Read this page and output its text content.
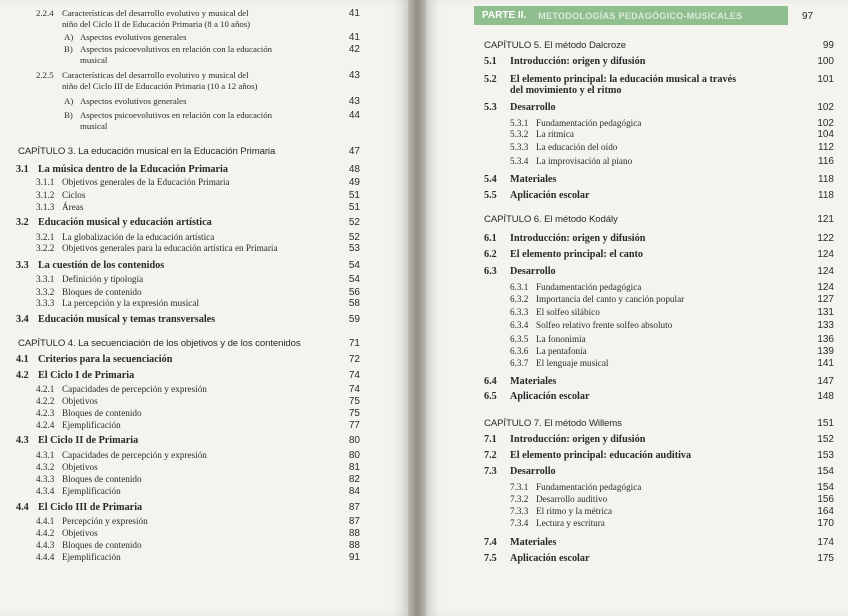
2.2.4 Características del desarrollo evolutivo y musical del
niño del Ciclo II de Educación Primaria (8 a 10 años)
41
A) Aspectos evolutivos generales	41
B) Aspectos psicoevolutivos en relación con la educación
musical
42
2.2.5 Características del desarrollo evolutivo y musical del
niño del Ciclo III de Educación Primaria (10 a 12 años)
43
A) Aspectos evolutivos generales	43
B) Aspectos psicoevolutivos en relación con la educación
musical
44
CAPÍTULO 3. La educación musical en la Educación Primaria	47
3.1 La música dentro de la Educación Primaria	48
3.1.1 Objetivos generales de la Educación Primaria	49
3.1.2 Ciclos	51
3.1.3 Áreas	51
3.2 Educación musical y educación artística	52
3.2.1 La globalización de la educación artística	52
3.2.2 Objetivos generales para la educación artística en Primaria	53
3.3 La cuestión de los contenidos	54
3.3.1 Definición y tipología	54
3.3.2 Bloques de contenido	56
3.3.3 La percepción y la expresión musical	58
3.4 Educación musical y temas transversales	59
CAPÍTULO 4. La secuenciación de los objetivos y de los contenidos	71
4.1 Criterios para la secuenciación	72
4.2 El Ciclo I de Primaria	74
4.2.1 Capacidades de percepción y expresión	74
4.2.2 Objetivos	75
4.2.3 Bloques de contenido	75
4.2.4 Ejemplificación	77
4.3 El Ciclo II de Primaria	80
4.3.1 Capacidades de percepción y expresión	80
4.3.2 Objetivos	81
4.3.3 Bloques de contenido	82
4.3.4 Ejemplificación	84
4.4 El Ciclo III de Primaria	87
4.4.1 Percepción y expresión	87
4.4.2 Objetivos	88
4.4.3 Bloques de contenido	88
4.4.4 Ejemplificación	91
CAPÍTULO 5. El método Dalcroze	99
5.1	Introducción: origen y difusión	100
5.2	El elemento principal: la educación musical a través
del movimiento y el ritmo
101
5.3	Desarrollo	102
5.3.1 Fundamentación pedagógica	102
5.3.2 La rítmica	104
5.3.3 La educación del oído	112
5.3.4 La improvisación al piano	116
5.4	Materiales	118
5.5	Aplicación escolar	118
CAPÍTULO 6. El método Kodály	121
6.1	Introducción: origen y difusión	122
6.2	El elemento principal: el canto	124
6.3	Desarrollo	124
6.3.1 Fundamentación pedagógica	124
6.3.2 Importancia del canto y canción popular	127
6.3.3 El solfeo silábico	131
6.3.4 Solfeo relativo frente solfeo absoluto	133
6.3.5 La fononimia	136
6.3.6 La pentafonía	139
6.3.7 El lenguaje musical	141
6.4	Materiales	147
6.5	Aplicación escolar	148
CAPÍTULO 7. El método Willems	151
7.1	Introducción: origen y difusión	152
7.2	El elemento principal: educación auditiva	153
7.3	Desarrollo	154
7.3.1 Fundamentación pedagógica	154
7.3.2 Desarrollo auditivo	156
7.3.3 El ritmo y la métrica	164
7.3.4 Lectura y escritura	170
7.4	Materiales	174
7.5	Aplicación escolar	175
PARTE II. METODOLOGÍAS PEDAGÓGICO-MUSICALES	97
